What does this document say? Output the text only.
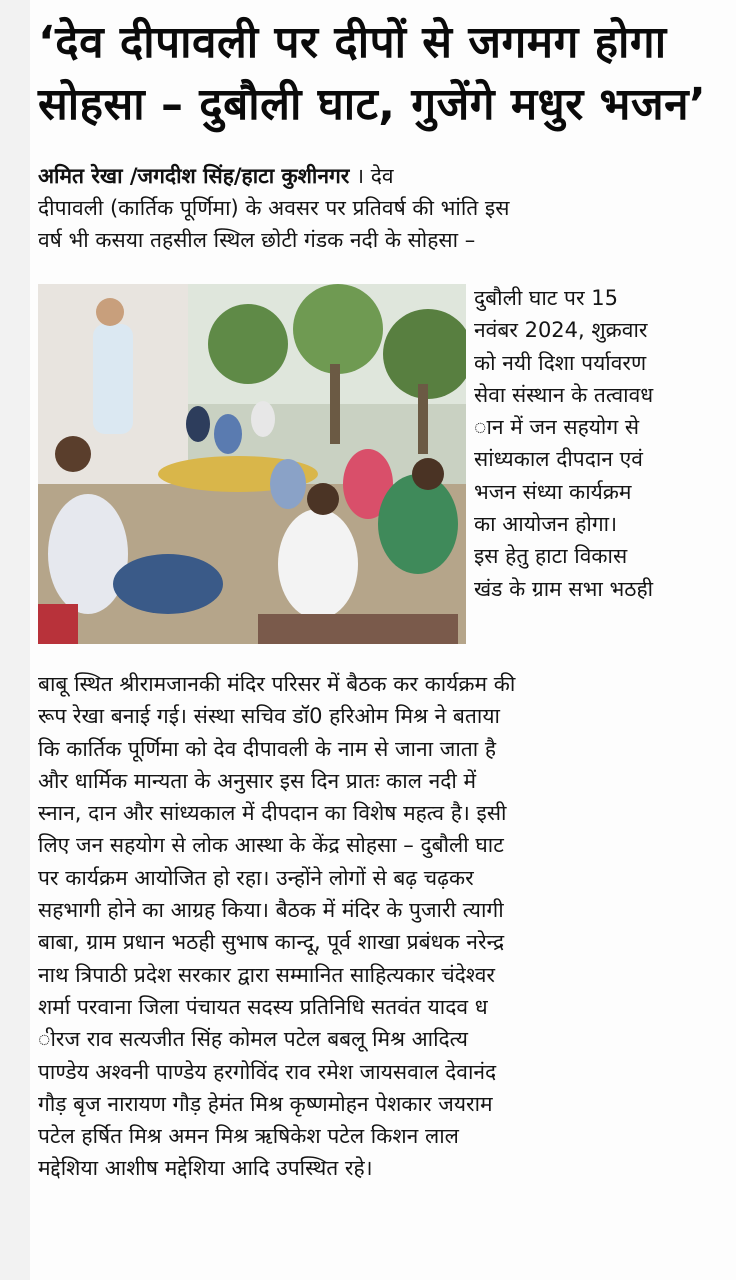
‘देव दीपावली पर दीपों से जगमग होगा
सोहसा – दुबौली घाट, गुजेंगे मधुर भजन’
अमित रेखा /जगदीश सिंह/हाटा कुशीनगर । देव

दीपावली (कार्तिक पूर्णिमा) के अवसर पर प्रतिवर्ष की भांति इस

वर्ष भी कसया तहसील स्थिल छोटी गंडक नदी के सोहसा –

दुबौली घाट पर 15

नवंबर 2024, शुक्रवार

को नयी दिशा पर्यावरण

सेवा संस्थान के तत्वावध

ान में जन सहयोग से

सांध्यकाल दीपदान एवं

भजन संध्या कार्यक्रम

का आयोजन होगा।

इस हेतु हाटा विकास

खंड के ग्राम सभा भठही

बाबू स्थित श्रीरामजानकी मंदिर परिसर में बैठक कर कार्यक्रम की

रूप रेखा बनाई गई। संस्था सचिव डॉ0 हरिओम मिश्र ने बताया

कि कार्तिक पूर्णिमा को देव दीपावली के नाम से जाना जाता है

और धार्मिक मान्यता के अनुसार इस दिन प्रातः काल नदी में

स्नान, दान और सांध्यकाल में दीपदान का विशेष महत्व है। इसी

लिए जन सहयोग से लोक आस्था के केंद्र सोहसा – दुबौली घाट

पर कार्यक्रम आयोजित हो रहा। उन्होंने लोगों से बढ़ चढ़कर

सहभागी होने का आग्रह किया। बैठक में मंदिर के पुजारी त्यागी

बाबा, ग्राम प्रधान भठही सुभाष कान्दू, पूर्व शाखा प्रबंधक नरेन्द्र

नाथ त्रिपाठी प्रदेश सरकार द्वारा सम्मानित साहित्यकार चंदेश्वर

शर्मा परवाना जिला पंचायत सदस्य प्रतिनिधि सतवंत यादव ध

ीरज राव सत्यजीत सिंह कोमल पटेल बबलू मिश्र आदित्य

पाण्डेय अश्वनी पाण्डेय हरगोविंद राव रमेश जायसवाल देवानंद

गौड़ बृज नारायण गौड़ हेमंत मिश्र कृष्णमोहन पेशकार जयराम

पटेल हर्षित मिश्र अमन मिश्र ऋषिकेश पटेल किशन लाल

मद्देशिया आशीष मद्देशिया आदि उपस्थित रहे।
